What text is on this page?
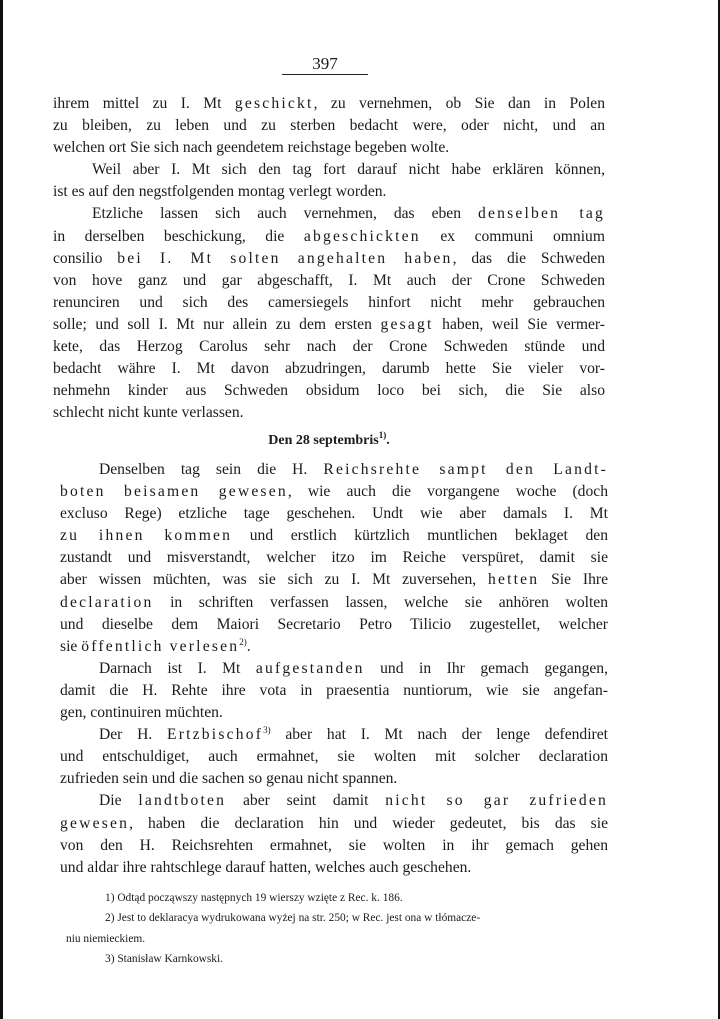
397
ihrem mittel zu I. Mt geschickt, zu vernehmen, ob Sie dan in Polen
zu bleiben, zu leben und zu sterben bedacht were, oder nicht, und an
welchen ort Sie sich nach geendetem reichstage begeben wolte.
Weil aber I. Mt sich den tag fort darauf nicht habe erklären können,
ist es auf den negstfolgenden montag verlegt worden.
Etzliche lassen sich auch vernehmen, das eben denselben tag
in derselben beschickung, die abgeschickten ex communi omnium
consilio bei I. Mt solten angehalten haben, das die Schweden
von hove ganz und gar abgeschafft, I. Mt auch der Crone Schweden
renunciren und sich des camersiegels hinfort nicht mehr gebrauchen
solle; und soll I. Mt nur allein zu dem ersten gesagt haben, weil Sie vermer-
kete, das Herzog Carolus sehr nach der Crone Schweden stünde und
bedacht währe I. Mt davon abzudringen, darumb hette Sie vieler vor-
nehmehn kinder aus Schweden obsidum loco bei sich, die Sie also
schlecht nicht kunte verlassen.
Den 28 septembris$^{1)}$.
Denselben tag sein die H. Reichsrehte sampt den Landt-
boten beisamen gewesen, wie auch die vorgangene woche (doch
excluso Rege) etzliche tage geschehen. Undt wie aber damals I. Mt
zu ihnen kommen und erstlich kürtzlich muntlichen beklaget den
zustandt und misverstandt, welcher itzo im Reiche verspüret, damit sie
aber wissen müchten, was sie sich zu I. Mt zuversehen, hetten Sie Ihre
declaration in schriften verfassen lassen, welche sie anhören wolten
und dieselbe dem Maiori Secretario Petro Tilicio zugestellet, welcher
sie öffentlich verlesen$^{2)}$.
Darnach ist I. Mt aufgestanden und in Ihr gemach gegangen,
damit die H. Rehte ihre vota in praesentia nuntiorum, wie sie angefan-
gen, continuiren müchten.
Der H. Ertzbischof$^{3)}$ aber hat I. Mt nach der lenge defendiret
und entschuldiget, auch ermahnet, sie wolten mit solcher declaration
zufrieden sein und die sachen so genau nicht spannen.
Die landtboten aber seint damit nicht so gar zufrieden
gewesen, haben die declaration hin und wieder gedeutet, bis das sie
von den H. Reichsrehten ermahnet, sie wolten in ihr gemach gehen
und aldar ihre rahtschlege darauf hatten, welches auch geschehen.
1) Odtąd począwszy następnych 19 wierszy wzięte z Rec. k. 186.
2) Jest to deklaracya wydrukowana wyżej na str. 250; w Rec. jest ona w tłómacze-
niu niemieckiem.
3) Stanisław Karnkowski.
